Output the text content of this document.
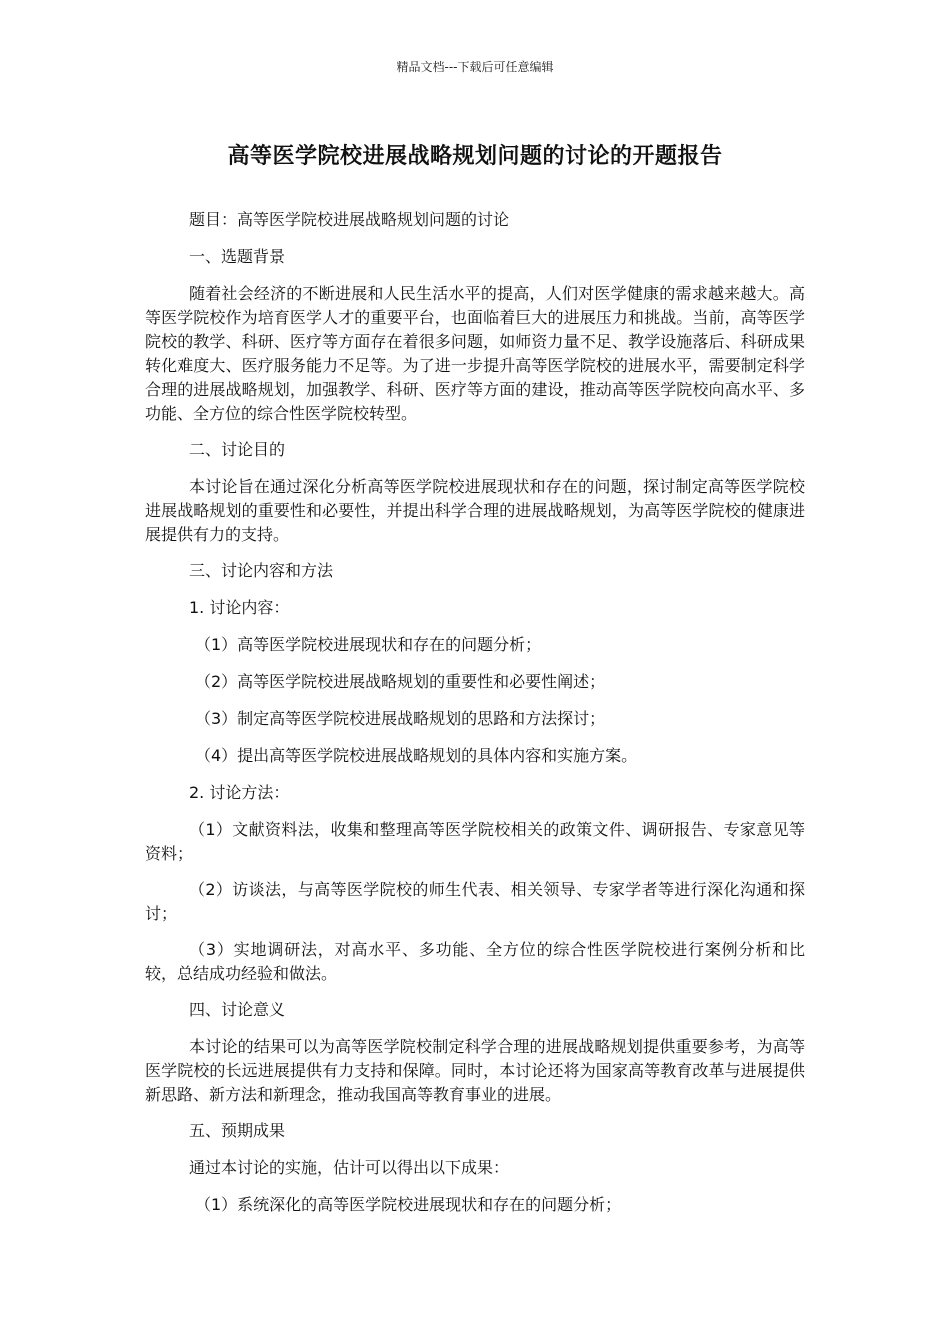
精品文档---下载后可任意编辑
高等医学院校进展战略规划问题的讨论的开题报告

题目：高等医学院校进展战略规划问题的讨论

一、选题背景

随着社会经济的不断进展和人民生活水平的提高，人们对医学健康的需求越来越大。高等医学院校作为培育医学人才的重要平台，也面临着巨大的进展压力和挑战。当前，高等医学院校的教学、科研、医疗等方面存在着很多问题，如师资力量不足、教学设施落后、科研成果转化难度大、医疗服务能力不足等。为了进一步提升高等医学院校的进展水平，需要制定科学合理的进展战略规划，加强教学、科研、医疗等方面的建设，推动高等医学院校向高水平、多功能、全方位的综合性医学院校转型。

二、讨论目的

本讨论旨在通过深化分析高等医学院校进展现状和存在的问题，探讨制定高等医学院校进展战略规划的重要性和必要性，并提出科学合理的进展战略规划，为高等医学院校的健康进展提供有力的支持。

三、讨论内容和方法

1. 讨论内容：

（1）高等医学院校进展现状和存在的问题分析；

（2）高等医学院校进展战略规划的重要性和必要性阐述；

（3）制定高等医学院校进展战略规划的思路和方法探讨；

（4）提出高等医学院校进展战略规划的具体内容和实施方案。

2. 讨论方法：

（1）文献资料法，收集和整理高等医学院校相关的政策文件、调研报告、专家意见等资料；

（2）访谈法，与高等医学院校的师生代表、相关领导、专家学者等进行深化沟通和探讨；

（3）实地调研法，对高水平、多功能、全方位的综合性医学院校进行案例分析和比较，总结成功经验和做法。

四、讨论意义

本讨论的结果可以为高等医学院校制定科学合理的进展战略规划提供重要参考，为高等医学院校的长远进展提供有力支持和保障。同时，本讨论还将为国家高等教育改革与进展提供新思路、新方法和新理念，推动我国高等教育事业的进展。

五、预期成果

通过本讨论的实施，估计可以得出以下成果：

（1）系统深化的高等医学院校进展现状和存在的问题分析；
